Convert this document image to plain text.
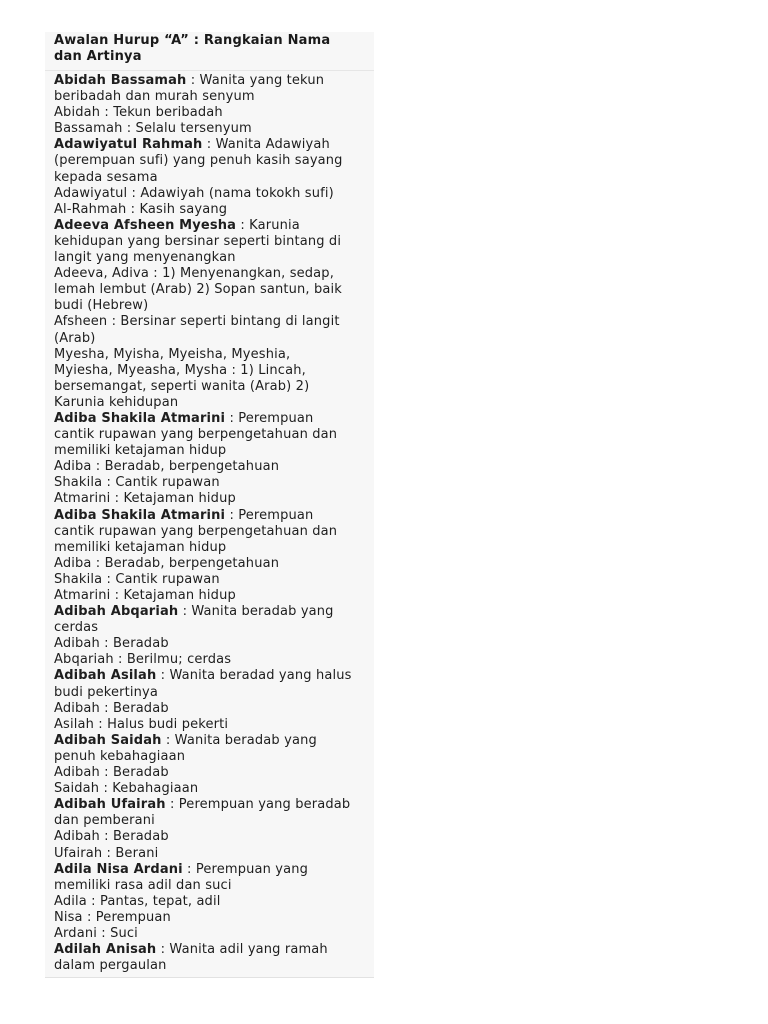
Awalan Hurup “A” : Rangkaian Nama
dan Artinya
Abidah Bassamah : Wanita yang tekun
beribadah dan murah senyum
Abidah : Tekun beribadah
Bassamah : Selalu tersenyum
Adawiyatul Rahmah : Wanita Adawiyah
(perempuan sufi) yang penuh kasih sayang
kepada sesama
Adawiyatul : Adawiyah (nama tokokh sufi)
Al-Rahmah : Kasih sayang
Adeeva Afsheen Myesha : Karunia
kehidupan yang bersinar seperti bintang di
langit yang menyenangkan
Adeeva, Adiva : 1) Menyenangkan, sedap,
lemah lembut (Arab) 2) Sopan santun, baik
budi (Hebrew)
Afsheen : Bersinar seperti bintang di langit
(Arab)
Myesha, Myisha, Myeisha, Myeshia,
Myiesha, Myeasha, Mysha : 1) Lincah,
bersemangat, seperti wanita (Arab) 2)
Karunia kehidupan
Adiba Shakila Atmarini : Perempuan
cantik rupawan yang berpengetahuan dan
memiliki ketajaman hidup
Adiba : Beradab, berpengetahuan
Shakila : Cantik rupawan
Atmarini : Ketajaman hidup
Adiba Shakila Atmarini : Perempuan
cantik rupawan yang berpengetahuan dan
memiliki ketajaman hidup
Adiba : Beradab, berpengetahuan
Shakila : Cantik rupawan
Atmarini : Ketajaman hidup
Adibah Abqariah : Wanita beradab yang
cerdas
Adibah : Beradab
Abqariah : Berilmu; cerdas
Adibah Asilah : Wanita beradad yang halus
budi pekertinya
Adibah : Beradab
Asilah : Halus budi pekerti
Adibah Saidah : Wanita beradab yang
penuh kebahagiaan
Adibah : Beradab
Saidah : Kebahagiaan
Adibah Ufairah : Perempuan yang beradab
dan pemberani
Adibah : Beradab
Ufairah : Berani
Adila Nisa Ardani : Perempuan yang
memiliki rasa adil dan suci
Adila : Pantas, tepat, adil
Nisa : Perempuan
Ardani : Suci
Adilah Anisah : Wanita adil yang ramah
dalam pergaulan
